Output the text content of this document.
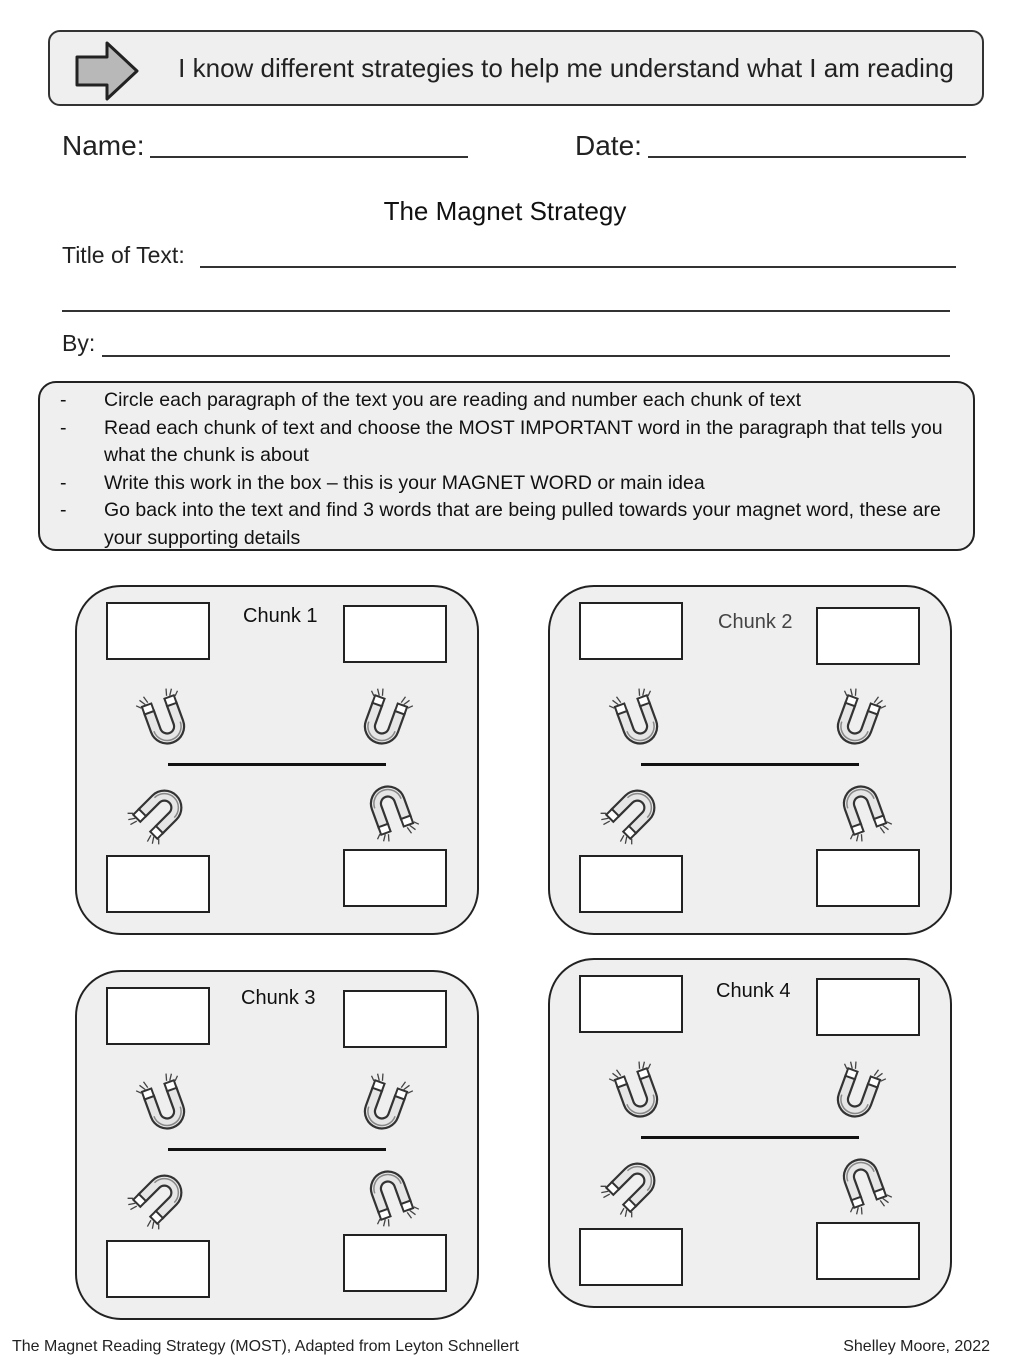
I know different strategies to help me understand what I am reading
Name:	Date:
The Magnet Strategy
Title of Text:
By:
- Circle each paragraph of the text you are reading and number each chunk of text
- Read each chunk of text and choose the MOST IMPORTANT word in the paragraph that tells you what the chunk is about
- Write this work in the box – this is your MAGNET WORD or main idea
- Go back into the text and find 3 words that are being pulled towards your magnet word, these are your supporting details
Chunk 1	Chunk 2
Chunk 3	Chunk 4
The Magnet Reading Strategy (MOST), Adapted from Leyton Schnellert	Shelley Moore, 2022
